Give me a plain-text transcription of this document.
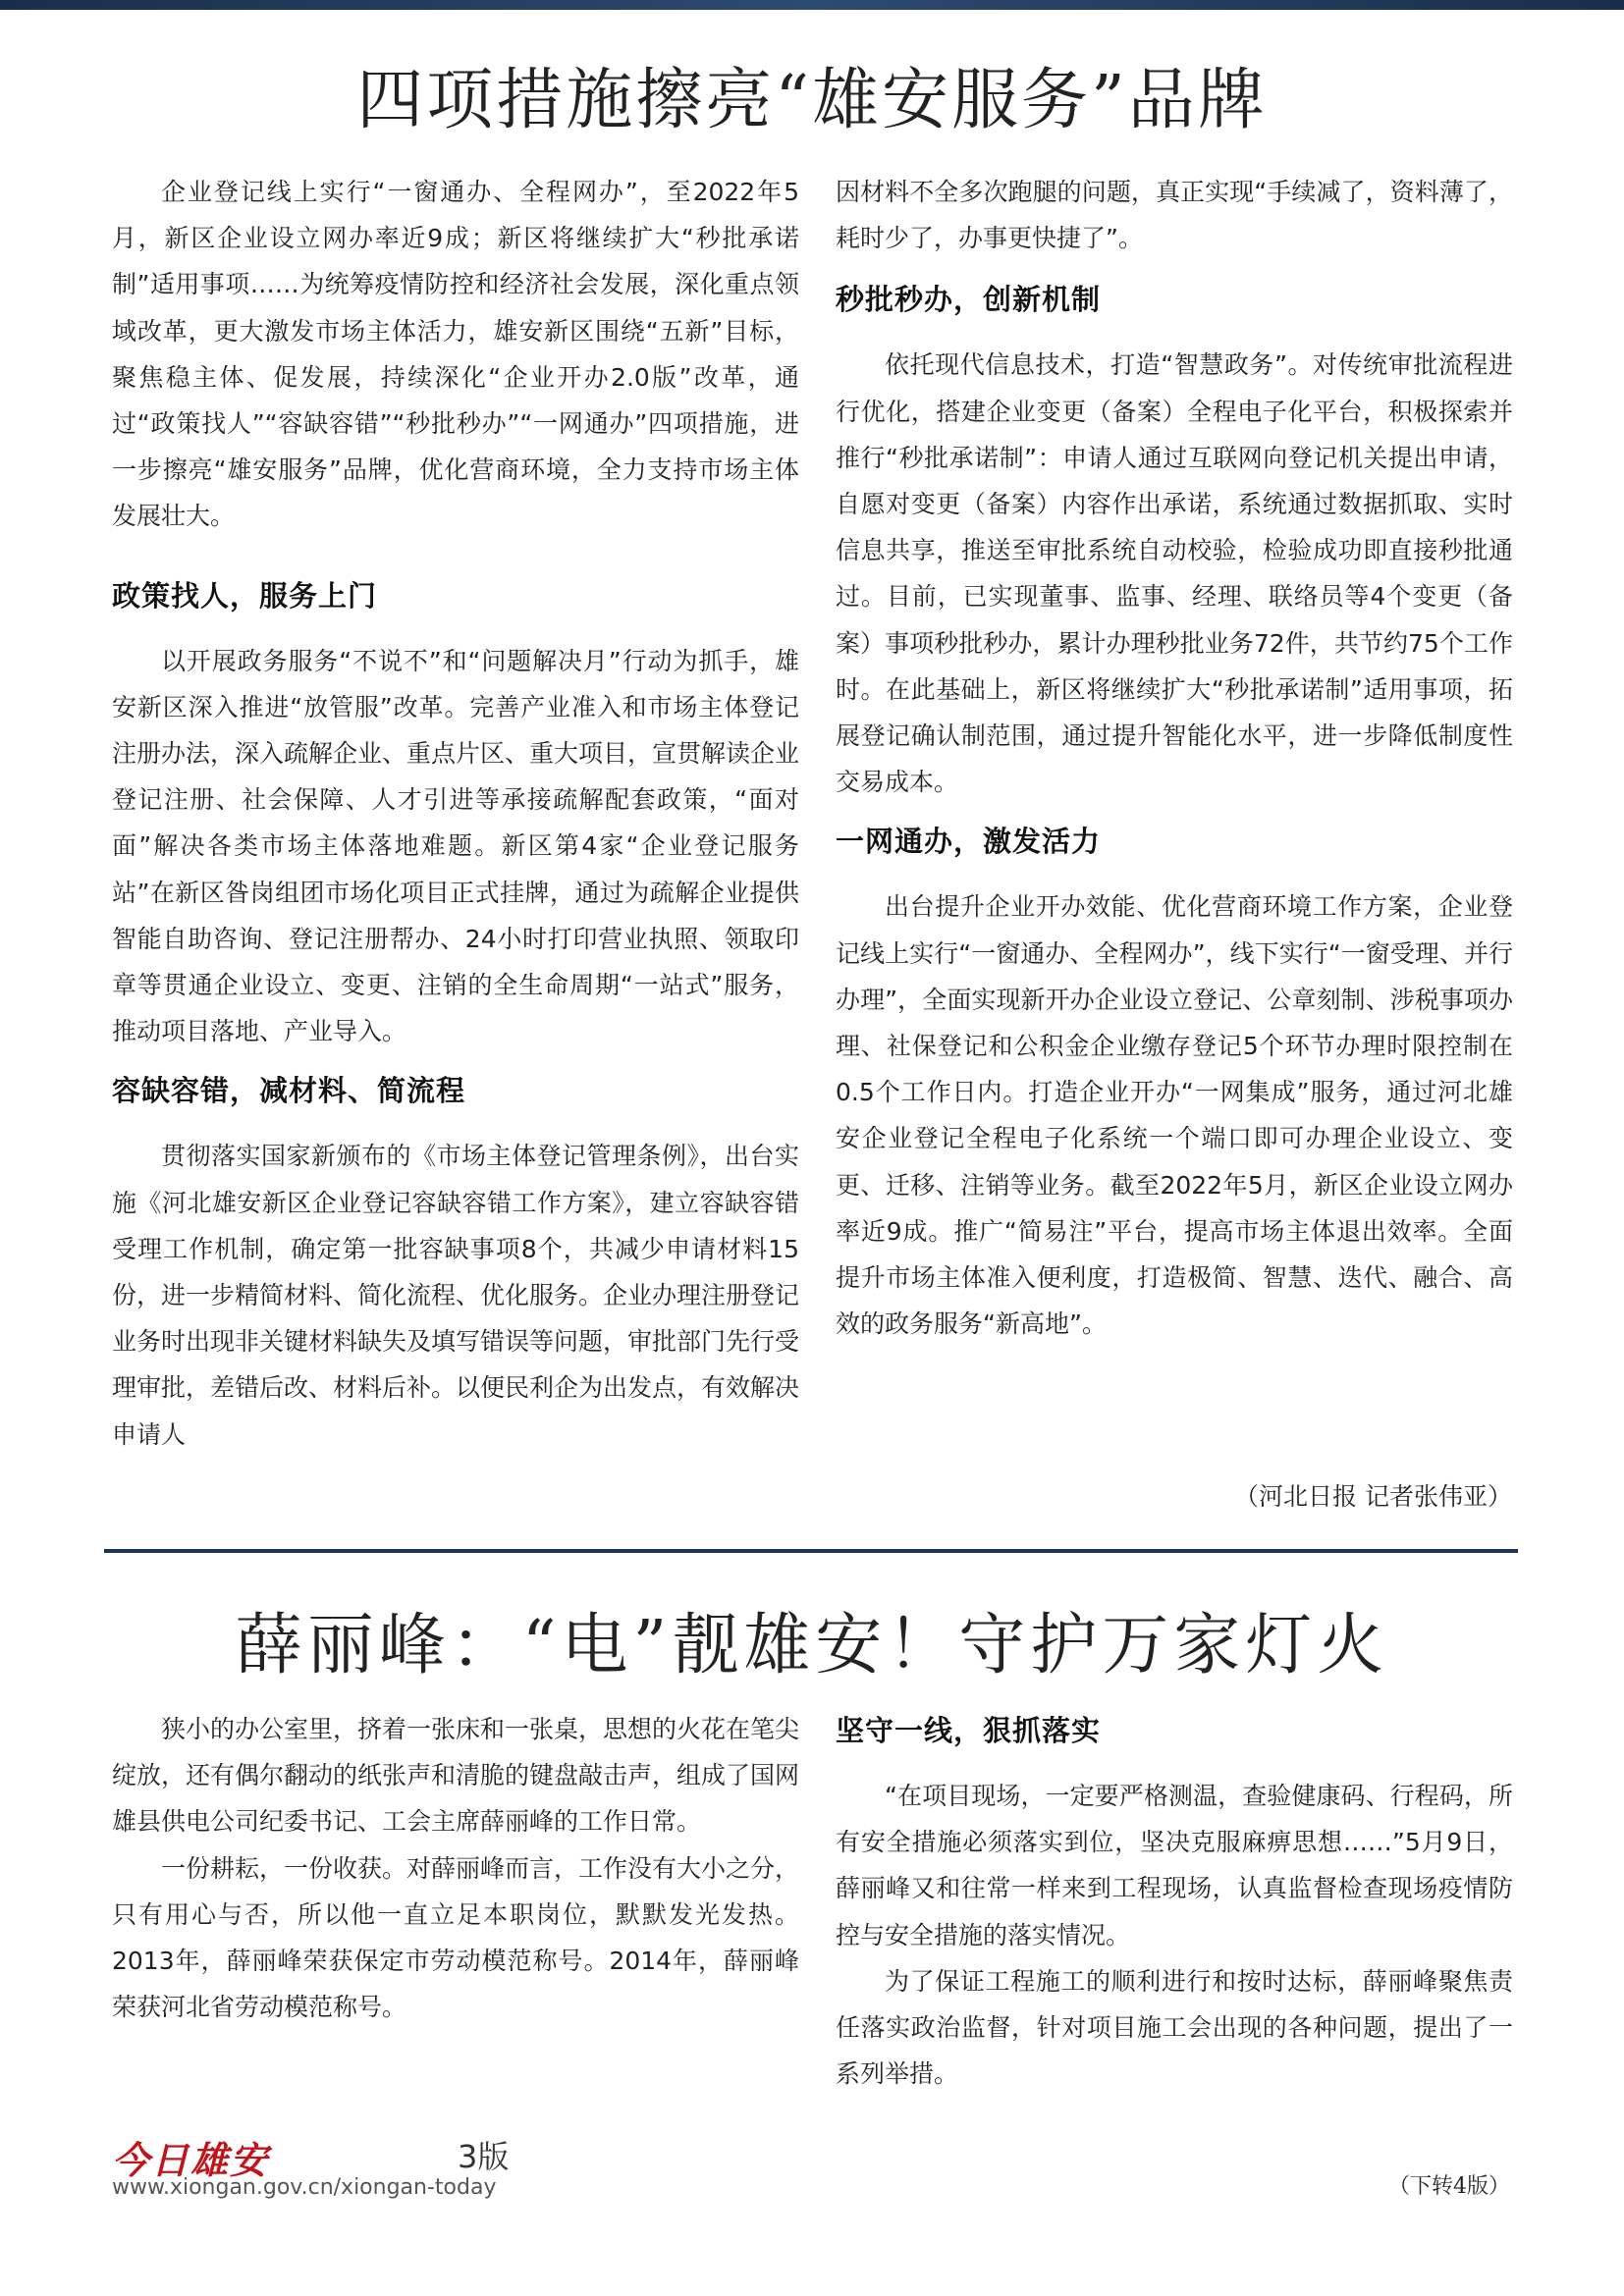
四项措施擦亮“雄安服务”品牌

企业登记线上实行“一窗通办、全程网办”，至2022年5月，新区企业设立网办率近9成；新区将继续扩大“秒批承诺制”适用事项……为统筹疫情防控和经济社会发展，深化重点领域改革，更大激发市场主体活力，雄安新区围绕“五新”目标，聚焦稳主体、促发展，持续深化“企业开办2.0版”改革，通过“政策找人”“容缺容错”“秒批秒办”“一网通办”四项措施，进一步擦亮“雄安服务”品牌，优化营商环境，全力支持市场主体发展壮大。

政策找人，服务上门

以开展政务服务“不说不”和“问题解决月”行动为抓手，雄安新区深入推进“放管服”改革。完善产业准入和市场主体登记注册办法，深入疏解企业、重点片区、重大项目，宣贯解读企业登记注册、社会保障、人才引进等承接疏解配套政策，“面对面”解决各类市场主体落地难题。新区第4家“企业登记服务站”在新区昝岗组团市场化项目正式挂牌，通过为疏解企业提供智能自助咨询、登记注册帮办、24小时打印营业执照、领取印章等贯通企业设立、变更、注销的全生命周期“一站式”服务，推动项目落地、产业导入。

容缺容错，减材料、简流程

贯彻落实国家新颁布的《市场主体登记管理条例》，出台实施《河北雄安新区企业登记容缺容错工作方案》，建立容缺容错受理工作机制，确定第一批容缺事项8个，共减少申请材料15份，进一步精简材料、简化流程、优化服务。企业办理注册登记业务时出现非关键材料缺失及填写错误等问题，审批部门先行受理审批，差错后改、材料后补。以便民利企为出发点，有效解决申请人

因材料不全多次跑腿的问题，真正实现“手续减了，资料薄了，耗时少了，办事更快捷了”。

秒批秒办，创新机制

依托现代信息技术，打造“智慧政务”。对传统审批流程进行优化，搭建企业变更（备案）全程电子化平台，积极探索并推行“秒批承诺制”：申请人通过互联网向登记机关提出申请，自愿对变更（备案）内容作出承诺，系统通过数据抓取、实时信息共享，推送至审批系统自动校验，检验成功即直接秒批通过。目前，已实现董事、监事、经理、联络员等4个变更（备案）事项秒批秒办，累计办理秒批业务72件，共节约75个工作时。在此基础上，新区将继续扩大“秒批承诺制”适用事项，拓展登记确认制范围，通过提升智能化水平，进一步降低制度性交易成本。

一网通办，激发活力

出台提升企业开办效能、优化营商环境工作方案，企业登记线上实行“一窗通办、全程网办”，线下实行“一窗受理、并行办理”，全面实现新开办企业设立登记、公章刻制、涉税事项办理、社保登记和公积金企业缴存登记5个环节办理时限控制在0.5个工作日内。打造企业开办“一网集成”服务，通过河北雄安企业登记全程电子化系统一个端口即可办理企业设立、变更、迁移、注销等业务。截至2022年5月，新区企业设立网办率近9成。推广“简易注”平台，提高市场主体退出效率。全面提升市场主体准入便利度，打造极简、智慧、迭代、融合、高效的政务服务“新高地”。

（河北日报 记者张伟亚）
薛丽峰：“电”靓雄安！守护万家灯火

狭小的办公室里，挤着一张床和一张桌，思想的火花在笔尖绽放，还有偶尔翻动的纸张声和清脆的键盘敲击声，组成了国网雄县供电公司纪委书记、工会主席薛丽峰的工作日常。

一份耕耘，一份收获。对薛丽峰而言，工作没有大小之分，只有用心与否，所以他一直立足本职岗位，默默发光发热。2013年，薛丽峰荣获保定市劳动模范称号。2014年，薛丽峰荣获河北省劳动模范称号。

坚守一线，狠抓落实

“在项目现场，一定要严格测温，查验健康码、行程码，所有安全措施必须落实到位，坚决克服麻痹思想……”5月9日，薛丽峰又和往常一样来到工程现场，认真监督检查现场疫情防控与安全措施的落实情况。

为了保证工程施工的顺利进行和按时达标，薛丽峰聚焦责任落实政治监督，针对项目施工会出现的各种问题，提出了一系列举措。

今日雄安	3版
www.xiongan.gov.cn/xiongan-today	（下转4版）
